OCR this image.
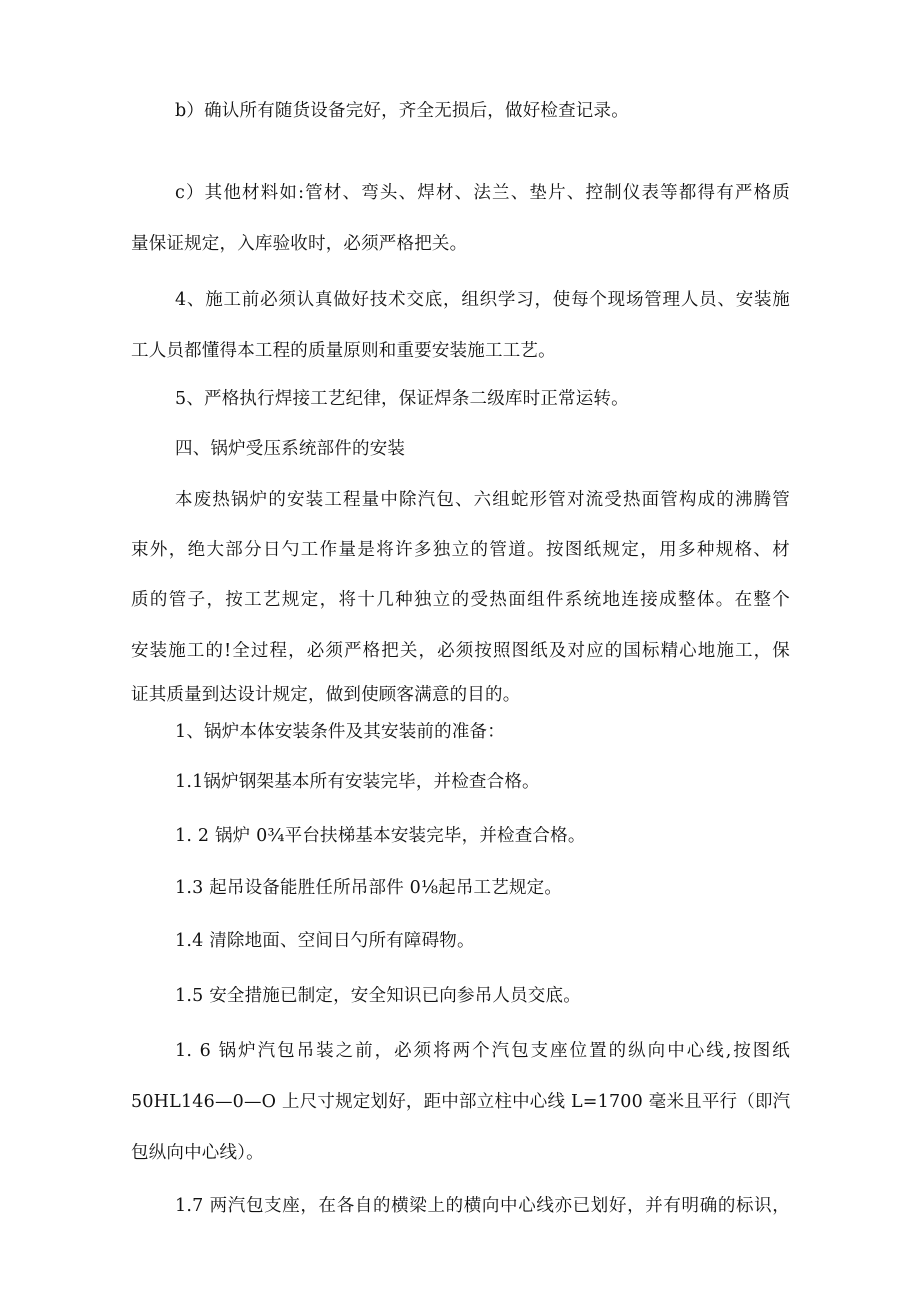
b）确认所有随货设备完好，齐全无损后，做好检查记录。
c）其他材料如:管材、弯头、焊材、法兰、垫片、控制仪表等都得有严格质
量保证规定，入库验收时，必须严格把关。
4、施工前必须认真做好技术交底，组织学习，使每个现场管理人员、安装施
工人员都懂得本工程的质量原则和重要安装施工工艺。
5、严格执行焊接工艺纪律，保证焊条二级库时正常运转。
四、锅炉受压系统部件的安装
本废热锅炉的安装工程量中除汽包、六组蛇形管对流受热面管构成的沸腾管
束外，绝大部分日勺工作量是将许多独立的管道。按图纸规定，用多种规格、材
质的管子，按工艺规定，将十几种独立的受热面组件系统地连接成整体。在整个
安装施工的!全过程，必须严格把关，必须按照图纸及对应的国标精心地施工，保
证其质量到达设计规定，做到使顾客满意的目的。
1、锅炉本体安装条件及其安装前的准备：
1.1锅炉钢架基本所有安装完毕，并检查合格。
1. 2 锅炉 0¾平台扶梯基本安装完毕，并检查合格。
1.3 起吊设备能胜任所吊部件 0⅛起吊工艺规定。
1.4 清除地面、空间日勺所有障碍物。
1.5 安全措施已制定，安全知识已向参吊人员交底。
1. 6 锅炉汽包吊装之前，必须将两个汽包支座位置的纵向中心线,按图纸
50HL146—0—O 上尺寸规定划好，距中部立柱中心线 L=1700 毫米且平行（即汽
包纵向中心线）。
1.7 两汽包支座，在各自的横梁上的横向中心线亦已划好，并有明确的标识，
